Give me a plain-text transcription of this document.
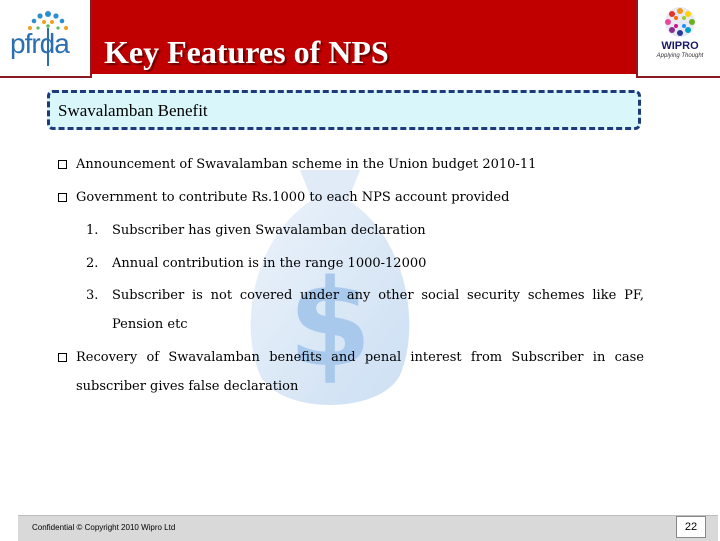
pfrda Key Features of NPS	WIPRO
Applying Thought
Swavalamban Benefit
$
Announcement of Swavalamban scheme in the Union budget 2010-11
Government to contribute Rs.1000 to each NPS account provided
1. Subscriber has given Swavalamban declaration
2. Annual contribution is in the range 1000-12000
3. Subscriber is not covered under any other social security schemes like PF,
Pension etc
Recovery of Swavalamban benefits and penal interest from Subscriber in case
subscriber gives false declaration
Confidential © Copyright 2010 Wipro Ltd	22
